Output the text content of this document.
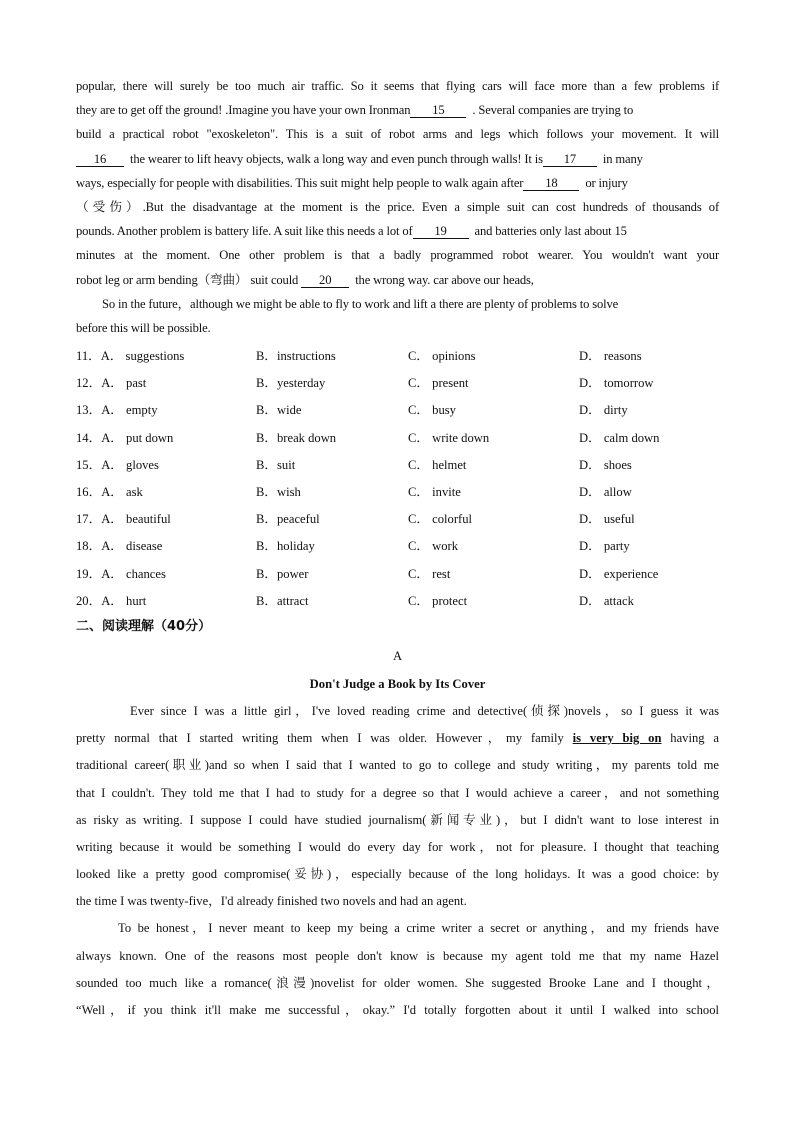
popular, there will surely be too much air traffic. So it seems that flying cars will face more than a few problems if
they are to get off the ground! .Imagine you have your own Ironman 15 . Several companies are trying to
build a practical robot "exoskeleton". This is a suit of robot arms and legs which follows your movement. It will
16 the wearer to lift heavy objects, walk a long way and even punch through walls! It is 17 in many
ways, especially for people with disabilities. This suit might help people to walk again after 18 or injury
（受伤）.But the disadvantage at the moment is the price. Even a simple suit can cost hundreds of thousands of
pounds. Another problem is battery life. A suit like this needs a lot of 19 and batteries only last about 15
minutes at the moment. One other problem is that a badly programmed robot wearer. You wouldn't want your
robot leg or arm bending（弯曲） suit could 20 the wrong way. car above our heads,
So in the future，although we might be able to fly to work and lift a there are plenty of problems to solve
before this will be possible.
11．A． suggestions	B．instructions	C． opinions	D． reasons
12．A． past	B．yesterday	C． present	D． tomorrow
13．A． empty	B．wide	C． busy	D． dirty
14．A． put down	B．break down	C． write down	D． calm down
15．A． gloves	B．suit	C． helmet	D． shoes
16．A． ask	B．wish	C． invite	D． allow
17．A． beautiful	B．peaceful	C． colorful	D． useful
18．A． disease	B．holiday	C． work	D． party
19．A． chances	B．power	C． rest	D． experience
20．A． hurt	B．attract	C． protect	D． attack
二、阅读理解（40分）
A
Don't Judge a Book by Its Cover
Ever since I was a little girl，I've loved reading crime and detective(侦探)novels，so I guess it was
pretty normal that I started writing them when I was older. However，my family is very big on having a
traditional career(职业)and so when I said that I wanted to go to college and study writing，my parents told me
that I couldn't. They told me that I had to study for a degree so that I would achieve a career，and not something
as risky as writing. I suppose I could have studied journalism(新闻专业)，but I didn't want to lose interest in
writing because it would be something I would do every day for work，not for pleasure. I thought that teaching
looked like a pretty good compromise(妥协)，especially because of the long holidays. It was a good choice: by
the time I was twenty-five，I'd already finished two novels and had an agent.
To be honest，I never meant to keep my being a crime writer a secret or anything，and my friends have
always known. One of the reasons most people don't know is because my agent told me that my name Hazel
sounded too much like a romance(浪漫)novelist for older women. She suggested Brooke Lane and I thought，
“Well，if you think it'll make me successful，okay.” I'd totally forgotten about it until I walked into school
